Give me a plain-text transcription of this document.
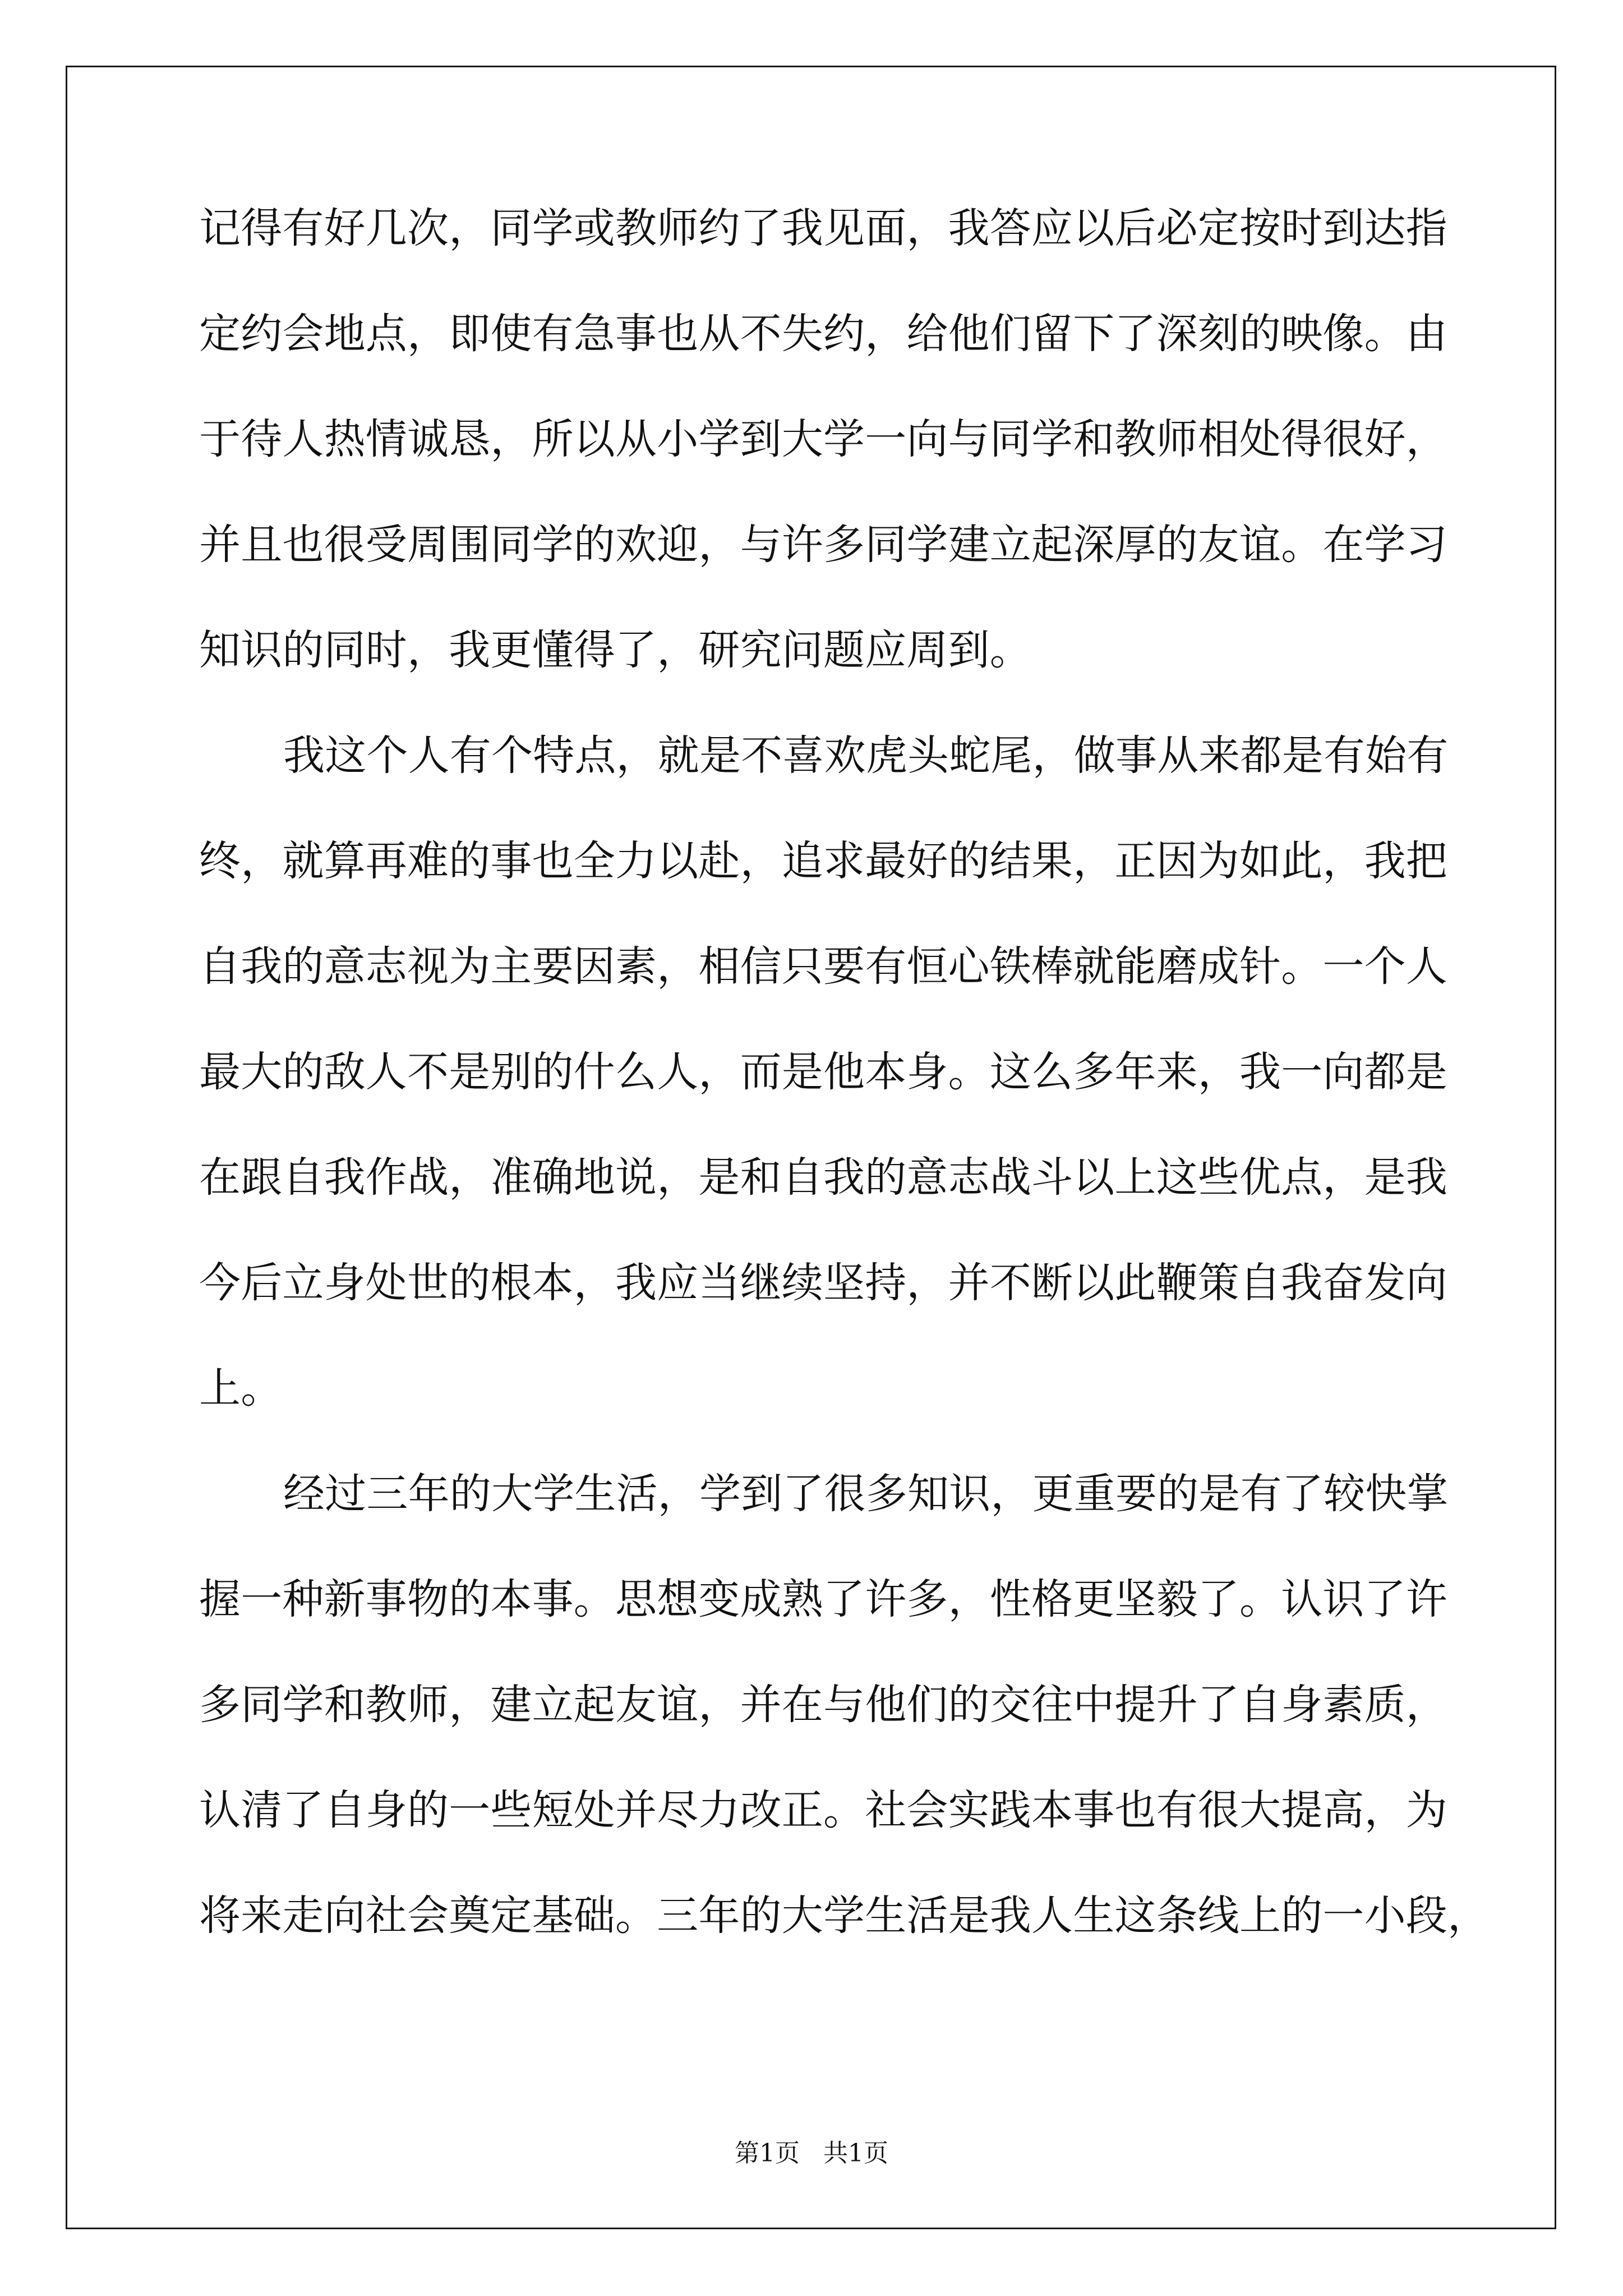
记得有好几次，同学或教师约了我见面，我答应以后必定按时到达指
定约会地点，即使有急事也从不失约，给他们留下了深刻的映像。由
于待人热情诚恳，所以从小学到大学一向与同学和教师相处得很好，
并且也很受周围同学的欢迎，与许多同学建立起深厚的友谊。在学习
知识的同时，我更懂得了，研究问题应周到。
我这个人有个特点，就是不喜欢虎头蛇尾，做事从来都是有始有
终，就算再难的事也全力以赴，追求最好的结果，正因为如此，我把
自我的意志视为主要因素，相信只要有恒心铁棒就能磨成针。一个人
最大的敌人不是别的什么人，而是他本身。这么多年来，我一向都是
在跟自我作战，准确地说，是和自我的意志战斗以上这些优点，是我
今后立身处世的根本，我应当继续坚持，并不断以此鞭策自我奋发向
上。
经过三年的大学生活，学到了很多知识，更重要的是有了较快掌
握一种新事物的本事。思想变成熟了许多，性格更坚毅了。认识了许
多同学和教师，建立起友谊，并在与他们的交往中提升了自身素质，
认清了自身的一些短处并尽力改正。社会实践本事也有很大提高，为
将来走向社会奠定基础。三年的大学生活是我人生这条线上的一小段，
第1页   共1页
